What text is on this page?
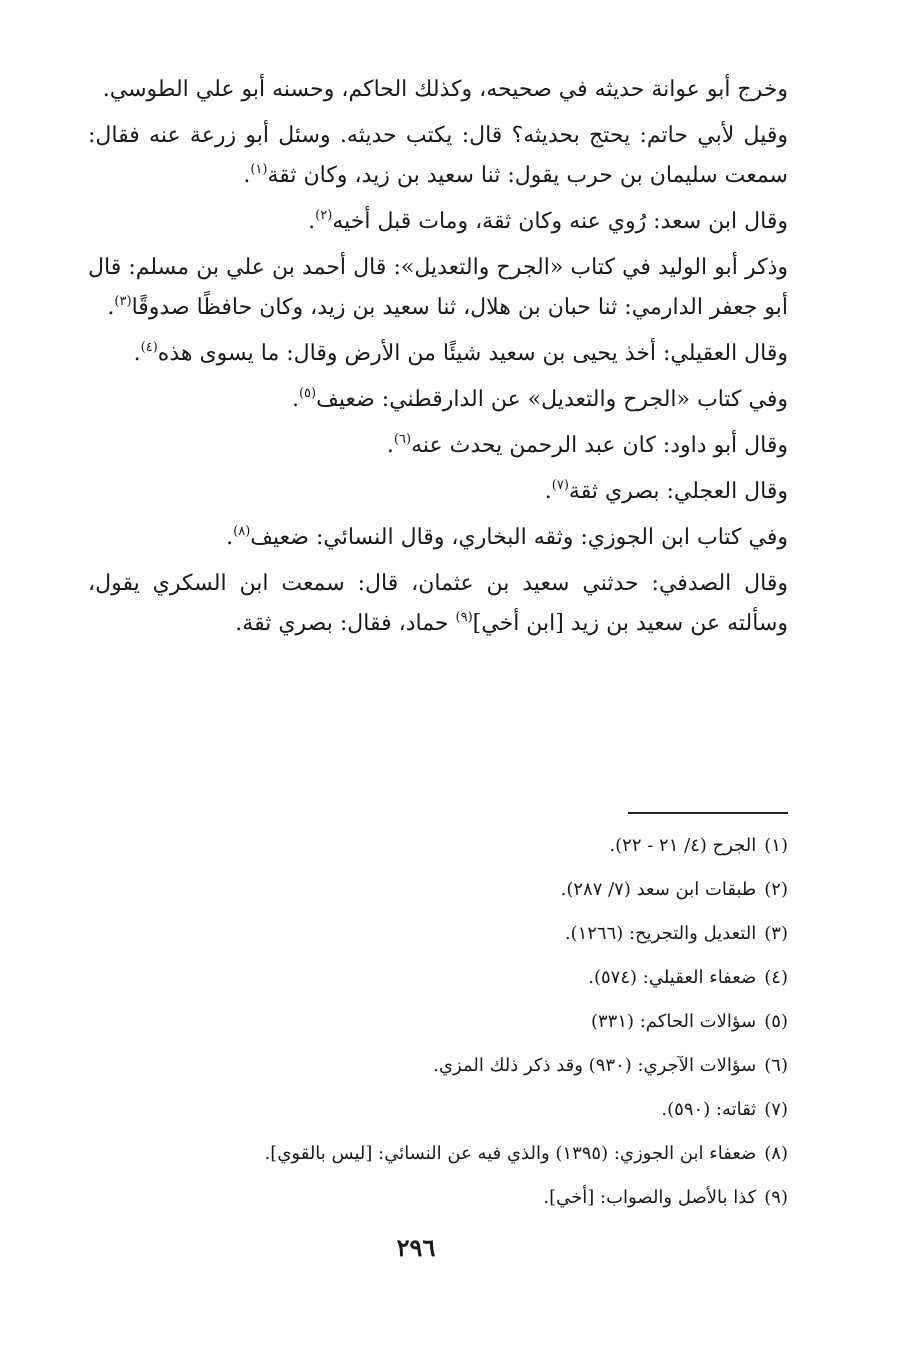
وخرج أبو عوانة حديثه في صحيحه، وكذلك الحاكم، وحسنه أبو علي الطوسي.

وقيل لأبي حاتم: يحتج بحديثه؟ قال: يكتب حديثه. وسئل أبو زرعة عنه فقال: سمعت سليمان بن حرب يقول: ثنا سعيد بن زيد، وكان ثقة$^{(١)}$.

وقال ابن سعد: رُوي عنه وكان ثقة، ومات قبل أخيه$^{(٢)}$.

وذكر أبو الوليد في كتاب «الجرح والتعديل»: قال أحمد بن علي بن مسلم: قال أبو جعفر الدارمي: ثنا حبان بن هلال، ثنا سعيد بن زيد، وكان حافظًا صدوقًا$^{(٣)}$.

وقال العقيلي: أخذ يحيى بن سعيد شيئًا من الأرض وقال: ما يسوى هذه$^{(٤)}$.

وفي كتاب «الجرح والتعديل» عن الدارقطني: ضعيف$^{(٥)}$.

وقال أبو داود: كان عبد الرحمن يحدث عنه$^{(٦)}$.

وقال العجلي: بصري ثقة$^{(٧)}$.

وفي كتاب ابن الجوزي: وثقه البخاري، وقال النسائي: ضعيف$^{(٨)}$.

وقال الصدفي: حدثني سعيد بن عثمان، قال: سمعت ابن السكري يقول، وسألته عن سعيد بن زيد [ابن أخي]$^{(٩)}$ حماد، فقال: بصري ثقة.

(١)الجرح (٤/ ٢١ - ٢٢).
(٢)طبقات ابن سعد (٧/ ٢٨٧).
(٣)التعديل والتجريح: (١٢٦٦).
(٤)ضعفاء العقيلي: (٥٧٤).
(٥)سؤالات الحاكم: (٣٣١)
(٦)سؤالات الآجري: (٩٣٠) وقد ذكر ذلك المزي.
(٧)ثقاته: (٥٩٠).
(٨)ضعفاء ابن الجوزي: (١٣٩٥) والذي فيه عن النسائي: [ليس بالقوي].
(٩)كذا بالأصل والصواب: [أخي].
٢٩٦
